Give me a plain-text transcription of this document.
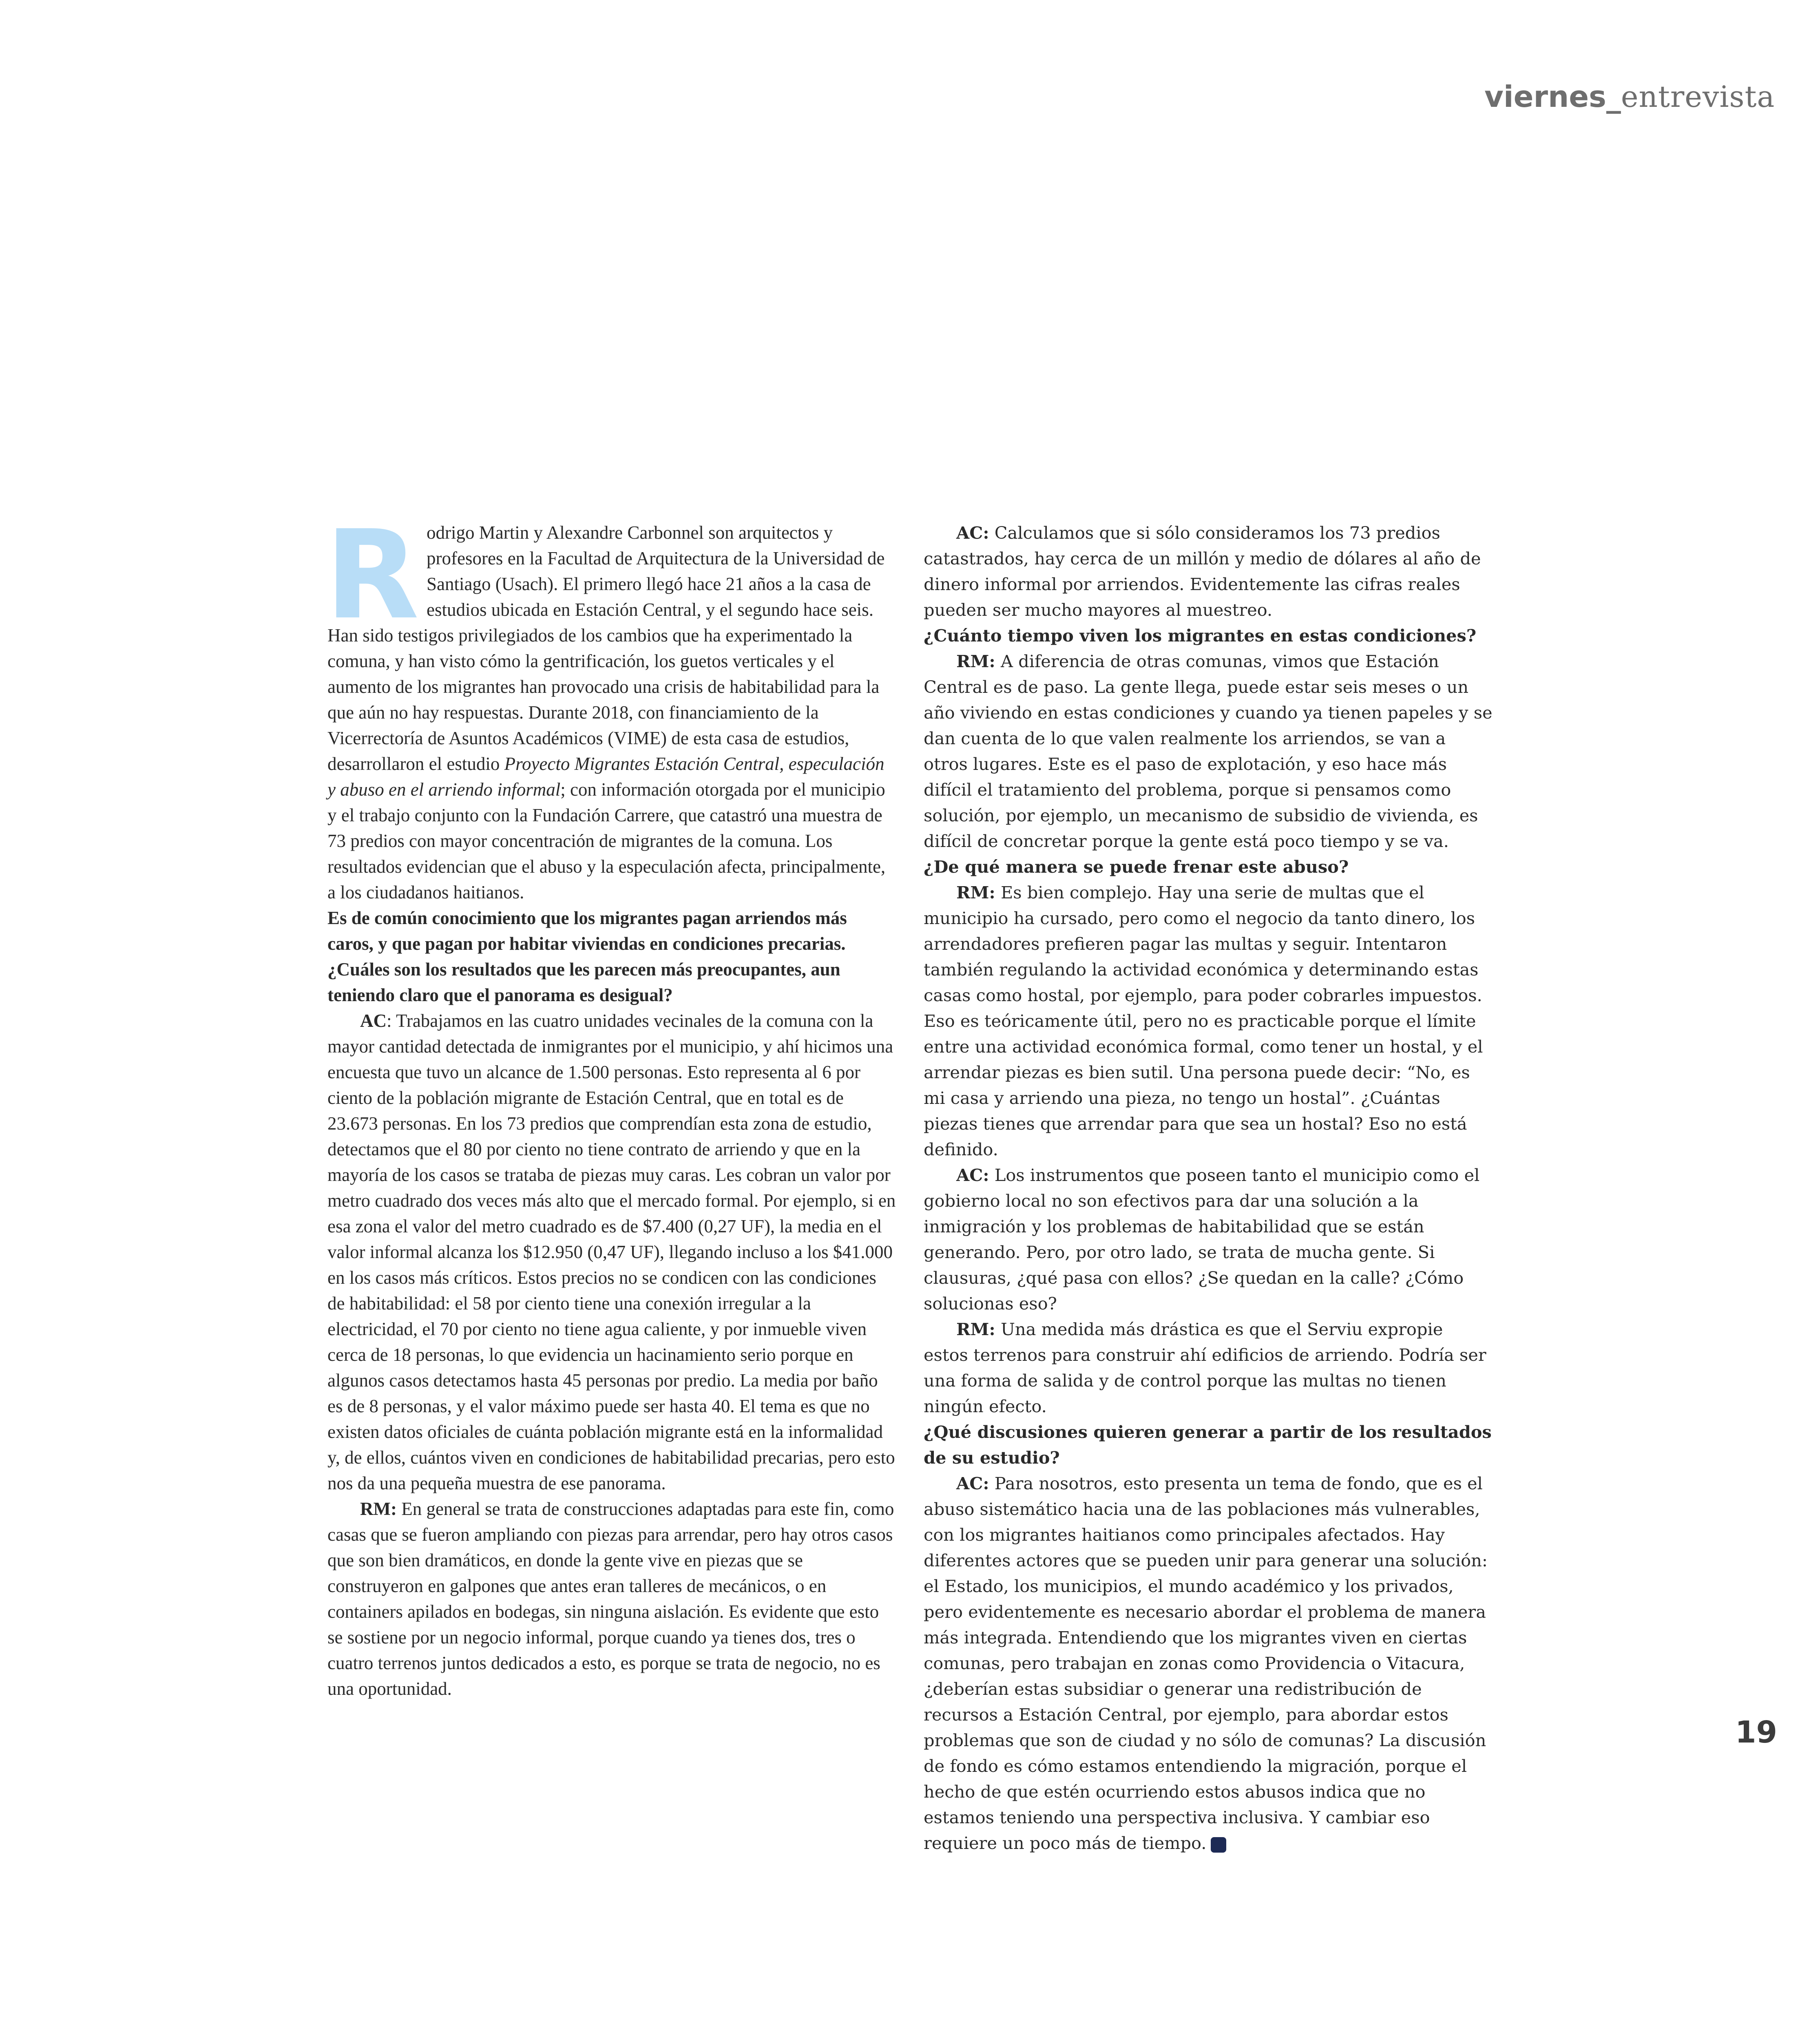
viernes_entrevista

Rodrigo Martin y Alexandre Carbonnel son arquitectos y profesores en la Facultad de Arquitectura de la Universidad de Santiago (Usach). El primero llegó hace 21 años a la casa de estudios ubicada en Estación Central, y el segundo hace seis. Han sido testigos privilegiados de los cambios que ha experimentado la comuna, y han visto cómo la gentrificación, los guetos verticales y el aumento de los migrantes han provocado una crisis de habitabilidad para la que aún no hay respuestas. Durante 2018, con financiamiento de la Vicerrectoría de Asuntos Académicos (VIME) de esta casa de estudios, desarrollaron el estudio Proyecto Migrantes Estación Central, especulación y abuso en el arriendo informal; con información otorgada por el municipio y el trabajo conjunto con la Fundación Carrere, que catastró una muestra de 73 predios con mayor concentración de migrantes de la comuna. Los resultados evidencian que el abuso y la especulación afecta, principalmente, a los ciudadanos haitianos.

Es de común conocimiento que los migrantes pagan arriendos más caros, y que pagan por habitar viviendas en condiciones precarias. ¿Cuáles son los resultados que les parecen más preocupantes, aun teniendo claro que el panorama es desigual?

AC: Trabajamos en las cuatro unidades vecinales de la comuna con la mayor cantidad detectada de inmigrantes por el municipio, y ahí hicimos una encuesta que tuvo un alcance de 1.500 personas. Esto representa al 6 por ciento de la población migrante de Estación Central, que en total es de 23.673 personas. En los 73 predios que comprendían esta zona de estudio, detectamos que el 80 por ciento no tiene contrato de arriendo y que en la mayoría de los casos se trataba de piezas muy caras. Les cobran un valor por metro cuadrado dos veces más alto que el mercado formal. Por ejemplo, si en esa zona el valor del metro cuadrado es de $7.400 (0,27 UF), la media en el valor informal alcanza los $12.950 (0,47 UF), llegando incluso a los $41.000 en los casos más críticos. Estos precios no se condicen con las condiciones de habitabilidad: el 58 por ciento tiene una conexión irregular a la electricidad, el 70 por ciento no tiene agua caliente, y por inmueble viven cerca de 18 personas, lo que evidencia un hacinamiento serio porque en algunos casos detectamos hasta 45 personas por predio. La media por baño es de 8 personas, y el valor máximo puede ser hasta 40. El tema es que no existen datos oficiales de cuánta población migrante está en la informalidad y, de ellos, cuántos viven en condiciones de habitabilidad precarias, pero esto nos da una pequeña muestra de ese panorama.

RM: En general se trata de construcciones adaptadas para este fin, como casas que se fueron ampliando con piezas para arrendar, pero hay otros casos que son bien dramáticos, en donde la gente vive en piezas que se construyeron en galpones que antes eran talleres de mecánicos, o en containers apilados en bodegas, sin ninguna aislación. Es evidente que esto se sostiene por un negocio informal, porque cuando ya tienes dos, tres o cuatro terrenos juntos dedicados a esto, es porque se trata de negocio, no es una oportunidad.

AC: Calculamos que si sólo consideramos los 73 predios catastrados, hay cerca de un millón y medio de dólares al año de dinero informal por arriendos. Evidentemente las cifras reales pueden ser mucho mayores al muestreo.

¿Cuánto tiempo viven los migrantes en estas condiciones?

RM: A diferencia de otras comunas, vimos que Estación Central es de paso. La gente llega, puede estar seis meses o un año viviendo en estas condiciones y cuando ya tienen papeles y se dan cuenta de lo que valen realmente los arriendos, se van a otros lugares. Este es el paso de explotación, y eso hace más difícil el tratamiento del problema, porque si pensamos como solución, por ejemplo, un mecanismo de subsidio de vivienda, es difícil de concretar porque la gente está poco tiempo y se va.

¿De qué manera se puede frenar este abuso?

RM: Es bien complejo. Hay una serie de multas que el municipio ha cursado, pero como el negocio da tanto dinero, los arrendadores prefieren pagar las multas y seguir. Intentaron también regulando la actividad económica y determinando estas casas como hostal, por ejemplo, para poder cobrarles impuestos. Eso es teóricamente útil, pero no es practicable porque el límite entre una actividad económica formal, como tener un hostal, y el arrendar piezas es bien sutil. Una persona puede decir: “No, es mi casa y arriendo una pieza, no tengo un hostal”. ¿Cuántas piezas tienes que arrendar para que sea un hostal? Eso no está definido.

AC: Los instrumentos que poseen tanto el municipio como el gobierno local no son efectivos para dar una solución a la inmigración y los problemas de habitabilidad que se están generando. Pero, por otro lado, se trata de mucha gente. Si clausuras, ¿qué pasa con ellos? ¿Se quedan en la calle? ¿Cómo solucionas eso?

RM: Una medida más drástica es que el Serviu expropie estos terrenos para construir ahí edificios de arriendo. Podría ser una forma de salida y de control porque las multas no tienen ningún efecto.

¿Qué discusiones quieren generar a partir de los resultados de su estudio?

AC: Para nosotros, esto presenta un tema de fondo, que es el abuso sistemático hacia una de las poblaciones más vulnerables, con los migrantes haitianos como principales afectados. Hay diferentes actores que se pueden unir para generar una solución: el Estado, los municipios, el mundo académico y los privados, pero evidentemente es necesario abordar el problema de manera más integrada. Entendiendo que los migrantes viven en ciertas comunas, pero trabajan en zonas como Providencia o Vitacura, ¿deberían estas subsidiar o generar una redistribución de recursos a Estación Central, por ejemplo, para abordar estos problemas que son de ciudad y no sólo de comunas? La discusión de fondo es cómo estamos entendiendo la migración, porque el hecho de que estén ocurriendo estos abusos indica que no estamos teniendo una perspectiva inclusiva. Y cambiar eso requiere un poco más de tiempo.	V

19
